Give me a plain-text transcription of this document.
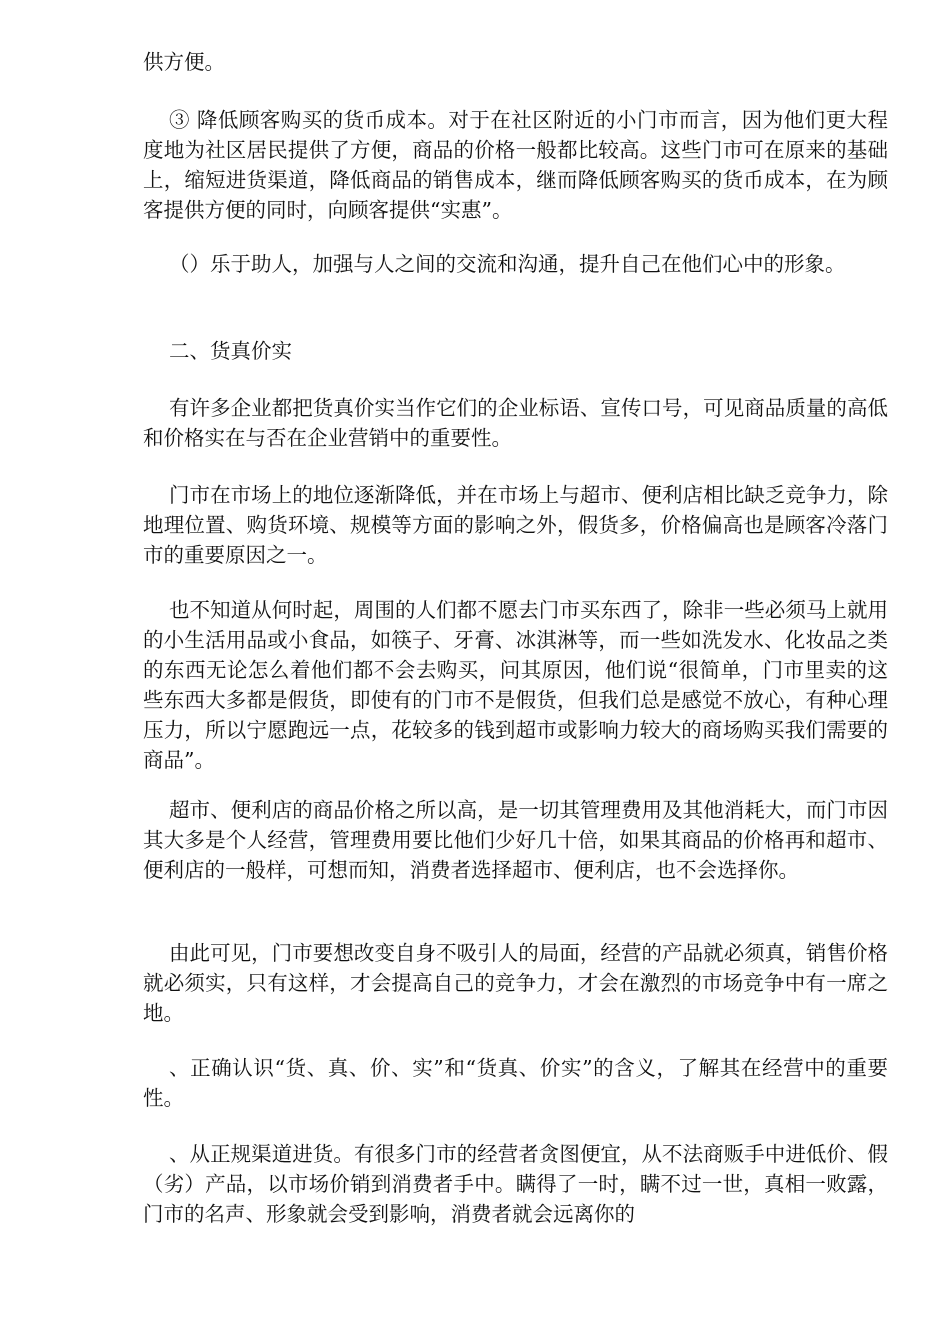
供方便。

③ 降低顾客购买的货币成本。对于在社区附近的小门市而言，因为他们更大程度地为社区居民提供了方便，商品的价格一般都比较高。这些门市可在原来的基础上，缩短进货渠道，降低商品的销售成本，继而降低顾客购买的货币成本，在为顾客提供方便的同时，向顾客提供“实惠”。

（）乐于助人，加强与人之间的交流和沟通，提升自己在他们心中的形象。

二、货真价实

有许多企业都把货真价实当作它们的企业标语、宣传口号，可见商品质量的高低和价格实在与否在企业营销中的重要性。

门市在市场上的地位逐渐降低，并在市场上与超市、便利店相比缺乏竞争力，除地理位置、购货环境、规模等方面的影响之外，假货多，价格偏高也是顾客冷落门市的重要原因之一。

也不知道从何时起，周围的人们都不愿去门市买东西了，除非一些必须马上就用的小生活用品或小食品，如筷子、牙膏、冰淇淋等，而一些如洗发水、化妆品之类的东西无论怎么着他们都不会去购买，问其原因，他们说“很简单，门市里卖的这些东西大多都是假货，即使有的门市不是假货，但我们总是感觉不放心，有种心理压力，所以宁愿跑远一点，花较多的钱到超市或影响力较大的商场购买我们需要的商品”。

超市、便利店的商品价格之所以高，是一切其管理费用及其他消耗大，而门市因其大多是个人经营，管理费用要比他们少好几十倍，如果其商品的价格再和超市、便利店的一般样，可想而知，消费者选择超市、便利店，也不会选择你。

由此可见，门市要想改变自身不吸引人的局面，经营的产品就必须真，销售价格就必须实，只有这样，才会提高自己的竞争力，才会在激烈的市场竞争中有一席之地。

、正确认识“货、真、价、实”和“货真、价实”的含义，了解其在经营中的重要性。

、从正规渠道进货。有很多门市的经营者贪图便宜，从不法商贩手中进低价、假（劣）产品，以市场价销到消费者手中。瞒得了一时，瞒不过一世，真相一败露，门市的名声、形象就会受到影响，消费者就会远离你的
